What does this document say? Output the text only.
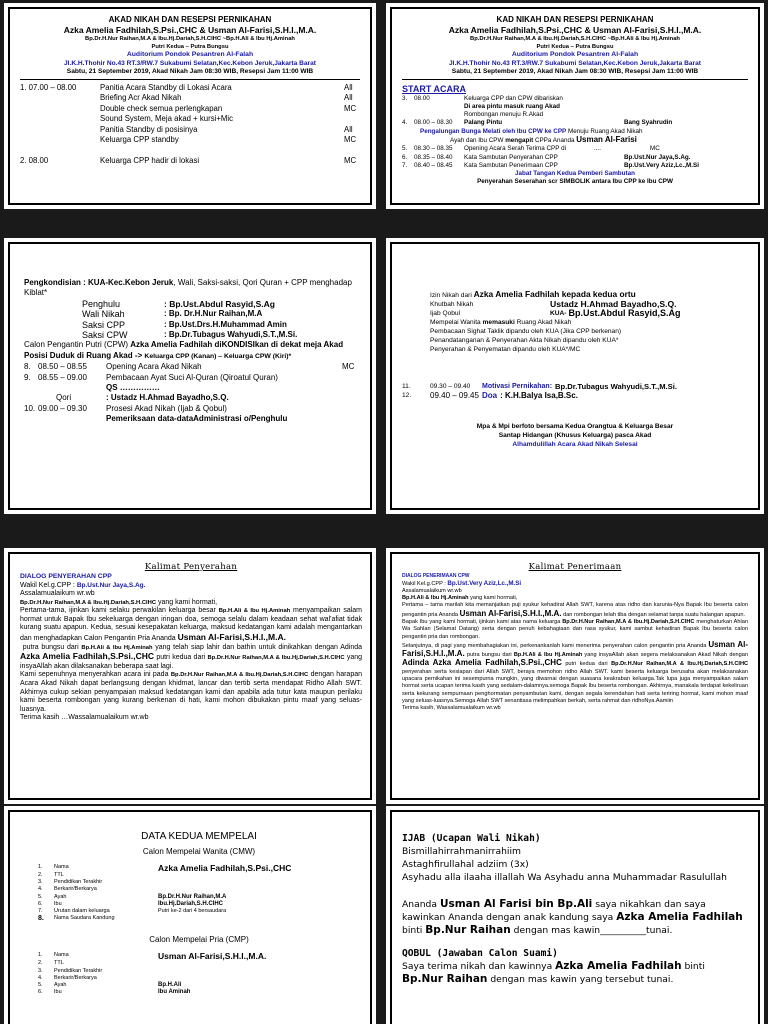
AKAD NIKAH DAN RESEPSI PERNIKAHAN
Azka Amelia Fadhilah,S.Psi.,CHC & Usman Al-Farisi,S.H.I.,M.A.
Bp.Dr.H.Nur Raihan,M.A & Ibu.Hj.Dariah,S.H.CIHC ~Bp.H.Ali & Ibu Hj.Aminah
Putri Kedua – Putra Bungsu
Auditorium Pondok Pesantren Al-Falah
Jl.K.H.Thohir No.43 RT.3/RW.7 Sukabumi Selatan,Kec.Kebon Jeruk,Jakarta Barat
Sabtu, 21 September 2019, Akad Nikah Jam 08:30 WIB, Resepsi Jam 11:00 WIB
1. 07.00 – 08.00	Panitia Acara Standby di Lokasi Acara	All
Briefing Acr Akad Nikah	All
Double check semua perlengkapan	MC
Sound System, Meja akad + kursi+Mic
Panitia Standby di posisinya	All
Keluarga CPP standby	MC
2. 08.00	Keluarga CPP hadir di lokasi	MC
KAD NIKAH DAN RESEPSI PERNIKAHAN
Azka Amelia Fadhilah,S.Psi.,CHC & Usman Al-Farisi,S.H.I.,M.A.
Bp.Dr.H.Nur Raihan,M.A & Ibu.Hj.Dariah,S.H.CIHC ~Bp.H.Ali & Ibu Hj.Aminah
Putri Kedua – Putra Bungsu
Auditorium Pondok Pesantren Al-Falah
Jl.K.H.Thohir No.43 RT.3/RW.7 Sukabumi Selatan,Kec.Kebon Jeruk,Jakarta Barat
Sabtu, 21 September 2019, Akad Nikah Jam 08:30 WIB, Resepsi Jam 11:00 WIB
START ACARA
3.	08.00	Keluarga CPP dan CPW dibariskan
Di area pintu masuk ruang Akad
Rombongan menuju R.Akad
4.	08.00 – 08.30	Palang Pintu	Bang Syahrudin
Pengalungan Bunga Melati oleh Ibu CPW ke CPP Menuju Ruang Akad Nikah
Ayah dan Ibu CPW mengapit CPPa Ananda Usman Al-Farisi
5.	08.30 – 08.35	Opening Acara Serah Terima CPP di	....	MC
6.	08.35 – 08.40	Kata Sambutan Penyerahan CPP	Bp.Ust.Nur Jaya,S.Ag.
7.	08.40 – 08.45	Kata Sambutan Penerimaan CPP	Bp.Ust.Very Aziz,Lc.,M.Si
Jabat Tangan Kedua Pemberi Sambutan
Penyerahan Seserahan scr SIMBOLIK antara Ibu CPP ke Ibu CPW
Pengkondisian : KUA-Kec.Kebon Jeruk, Wali, Saksi-saksi, Qori Quran + CPP menghadap Kiblat*
Penghulu	: Bp.Ust.Abdul Rasyid,S.Ag
Wali Nikah	: Bp. Dr.H.Nur Raihan,M.A
Saksi CPP	: Bp.Ust.Drs.H.Muhammad Amin
Saksi CPW	: Bp.Dr.Tubagus Wahyudi,S.T.,M.Si.
Calon Pengantin Putri (CPW) Azka Amelia Fadhilah diKONDISIkan di dekat meja Akad
Posisi Duduk di Ruang Akad -> Keluarga CPP (Kanan) – Keluarga CPW (Kiri)*
8. 08.50 – 08.55	Opening Acara Akad Nikah	MC
9. 08.55 – 09.00	Pembacaan Ayat Suci Al-Quran (Qiroatul Quran)
QS ……………
Qori	: Ustadz H.Ahmad Bayadho,S.Q.
10. 09.00 – 09.30	Prosesi Akad Nikah (Ijab & Qobul)
Pemeriksaan data-dataAdministrasi o/Penghulu
Izin Nikah dari Azka Amelia Fadhilah kepada kedua ortu
Khutbah Nikah	Ustadz H.Ahmad Bayadho,S.Q.
Ijab Qobul	KUA- Bp.Ust.Abdul Rasyid,S.Ag
Mempelai Wanita memasuki Ruang Akad Nikah
Pembacaan Sighat Taklik dipandu oleh KUA (Jika CPP berkenan)
Penandatanganan & Penyerahan Akta Nikah dipandu oleh KUA*
Penyerahan & Penyematan dipandu oleh KUA*/MC
11.	09.30 – 09.40	Motivasi Pernikahan: Bp.Dr.Tubagus Wahyudi,S.T.,M.Si.
12.	09.40 – 09.45 Doa : K.H.Balya Isa,B.Sc.
Mpa & Mpi berfoto bersama Kedua Orangtua & Keluarga Besar
Santap Hidangan (Khusus Keluarga) pasca Akad
Alhamdulillah Acara Akad Nikah Selesai
Kalimat Penyerahan
DIALOG PENYERAHAN CPP
Wakil Kel.g.CPP : Bp.Ust.Nur Jaya,S.Ag.
Assalamualaikum wr.wb
Bp.Dr.H.Nur Raihan,M.A & Ibu.Hj.Dariah,S.H.CIHC yang kami hormati,

Pertama-tama, ijinkan kami selaku perwakilan keluarga besar Bp.H.Ali & Ibu Hj.Aminah menyampaikan salam hormat untuk Bapak Ibu sekeluarga dengan iringan doa, semoga selalu dalam keadaan sehat wal'afiat tidak kurang suatu apapun. Kedua, sesuai kesepakatan keluarga, maksud kedatangan kami adalah mengantarkan dan menghadapkan Calon Pengantin Pria Ananda Usman Al-Farisi,S.H.I.,M.A.

putra bungsu dari Bp.H.Ali & Ibu Hj.Aminah yang telah siap lahir dan bathin untuk dinikahkan dengan Adinda Azka Amelia Fadhilah,S.Psi.,CHC putri kedua dari Bp.Dr.H.Nur Raihan,M.A & Ibu.Hj.Dariah,S.H.CIHC yang insyaAllah akan dilaksanakan beberapa saat lagi.

Kami sepenuhnya menyerahkan acara ini pada Bp.Dr.H.Nur Raihan,M.A & Ibu.Hj.Dariah,S.H.CIHC dengan harapan Acara Akad Nikah dapat berlangsung dengan khidmat, lancar dan tertib serta mendapat Ridho Allah SWT. Akhirnya cukup sekian penyampaian maksud kedatangan kami dan apabila ada tutur kata maupun perilaku kami beserta rombongan yang kurang berkenan di hati, kami mohon dibukakan pintu maaf yang seluas-luasnya.

Terima kasih …Wassalamualaikum wr.wb
Kalimat Penerimaan
DIALOG PENERIMAAN CPW
Wakil Kel.g.CPP : Bp.Ust.Very Aziz,Lc.,M.Si
Assalamualaikum wr.wb
Bp.H.Ali & Ibu Hj.Aminah yang kami hormati,

Pertama – tama marilah kita memanjatkan puji syukur kehadirat Allah SWT, karena atas ridho dan karunia-Nya Bapak Ibu beserta calon pengantin pria Ananda Usman Al-Farisi,S.H.I.,M.A. dan rombongan telah tiba dengan selamat tanpa suatu halangan apapun.

Bapak Ibu yang kami hormati, ijinkan kami atas nama keluarga Bp.Dr.H.Nur Raihan,M.A & Ibu.Hj.Dariah,S.H.CIHC menghaturkan Ahlan Wa Sahlan (Selamat Datang) serta dengan penuh kebahagiaan dan rasa syukur, kami sambut kehadiran Bapak Ibu beserta calon pengantin pria dan rombongan.

Selanjutnya, di pagi yang membahagiakan ini, perkenankanlah kami menerima penyerahan calon pengantin pria Ananda Usman Al-Farisi,S.H.I.,M.A. putra bungsu dari Bp.H.Ali & Ibu Hj.Aminah yang insyaAllah akan segera melaksanakan Akad Nikah dengan Adinda Azka Amelia Fadhilah,S.Psi.,CHC putri kedua dari Bp.Dr.H.Nur Raihan,M.A & Ibu.Hj.Dariah,S.H.CIHC penyerahan serta kesiapan dari Allah SWT, beraya memohon ridho Allah SWT. kami beserta keluarga berusaha akan melaksanakan upacara pernikahan ini sesempurna mungkin, yang diwarnai dengan suasana keakraban keluarga.Tak lupa juga menyampaikan salam hormat serta ucapan terima kasih yang sedalam-dalamnya.semoga Bapak Ibu beserta rombongan. Akhirnya, manakala terdapat kekeliruan serta kekurang sempurnaan penghormatan penyambutan kami, dengan segala kerendahan hati serta teriring hormat, kami mohon maaf yang seluas-luasnya.Semoga Allah SWT senantiasa melimpahkan berkah, serta rahmat dan ridhoNya.Aamiin

Terima kasih, Wassalamualaikum wr.wb
DATA KEDUA MEMPELAI
Calon Mempelai Wanita (CMW)
1.	Nama	Azka Amelia Fadhilah,S.Psi.,CHC
2.	TTL
3.	Pendidikan Terakhir
4.	Berkarir/Berkarya
5.	Ayah	Bp.Dr.H.Nur Raihan,M.A
6.	Ibu	Ibu.Hj.Dariah,S.H.CIHC
7.	Urutan dalam keluarga	Putri ke-2 dari 4 bersaudara
8.	Nama Saudara Kandung
Calon Mempelai Pria (CMP)
1.	Nama	Usman Al-Farisi,S.H.I.,M.A.
2.	TTL
3.	Pendidikan Terakhir
4.	Berkarir/Berkarya
5.	Ayah	Bp.H.Ali
6.	Ibu	Ibu Aminah
IJAB (Ucapan Wali Nikah)
Bismillahirrahmanirrahiim
Astaghfirullahal adziim (3x)
Asyhadu alla ilaaha illallah Wa Asyhadu anna Muhammadar Rasulullah

Ananda Usman Al Farisi bin Bp.Ali saya nikahkan dan saya kawinkan Ananda dengan anak kandung saya Azka Amelia Fadhilah binti Bp.Nur Raihan dengan mas kawin__________tunai.

QOBUL (Jawaban Calon Suami)

Saya terima nikah dan kawinnya Azka Amelia Fadhilah binti Bp.Nur Raihan dengan mas kawin yang tersebut tunai.
